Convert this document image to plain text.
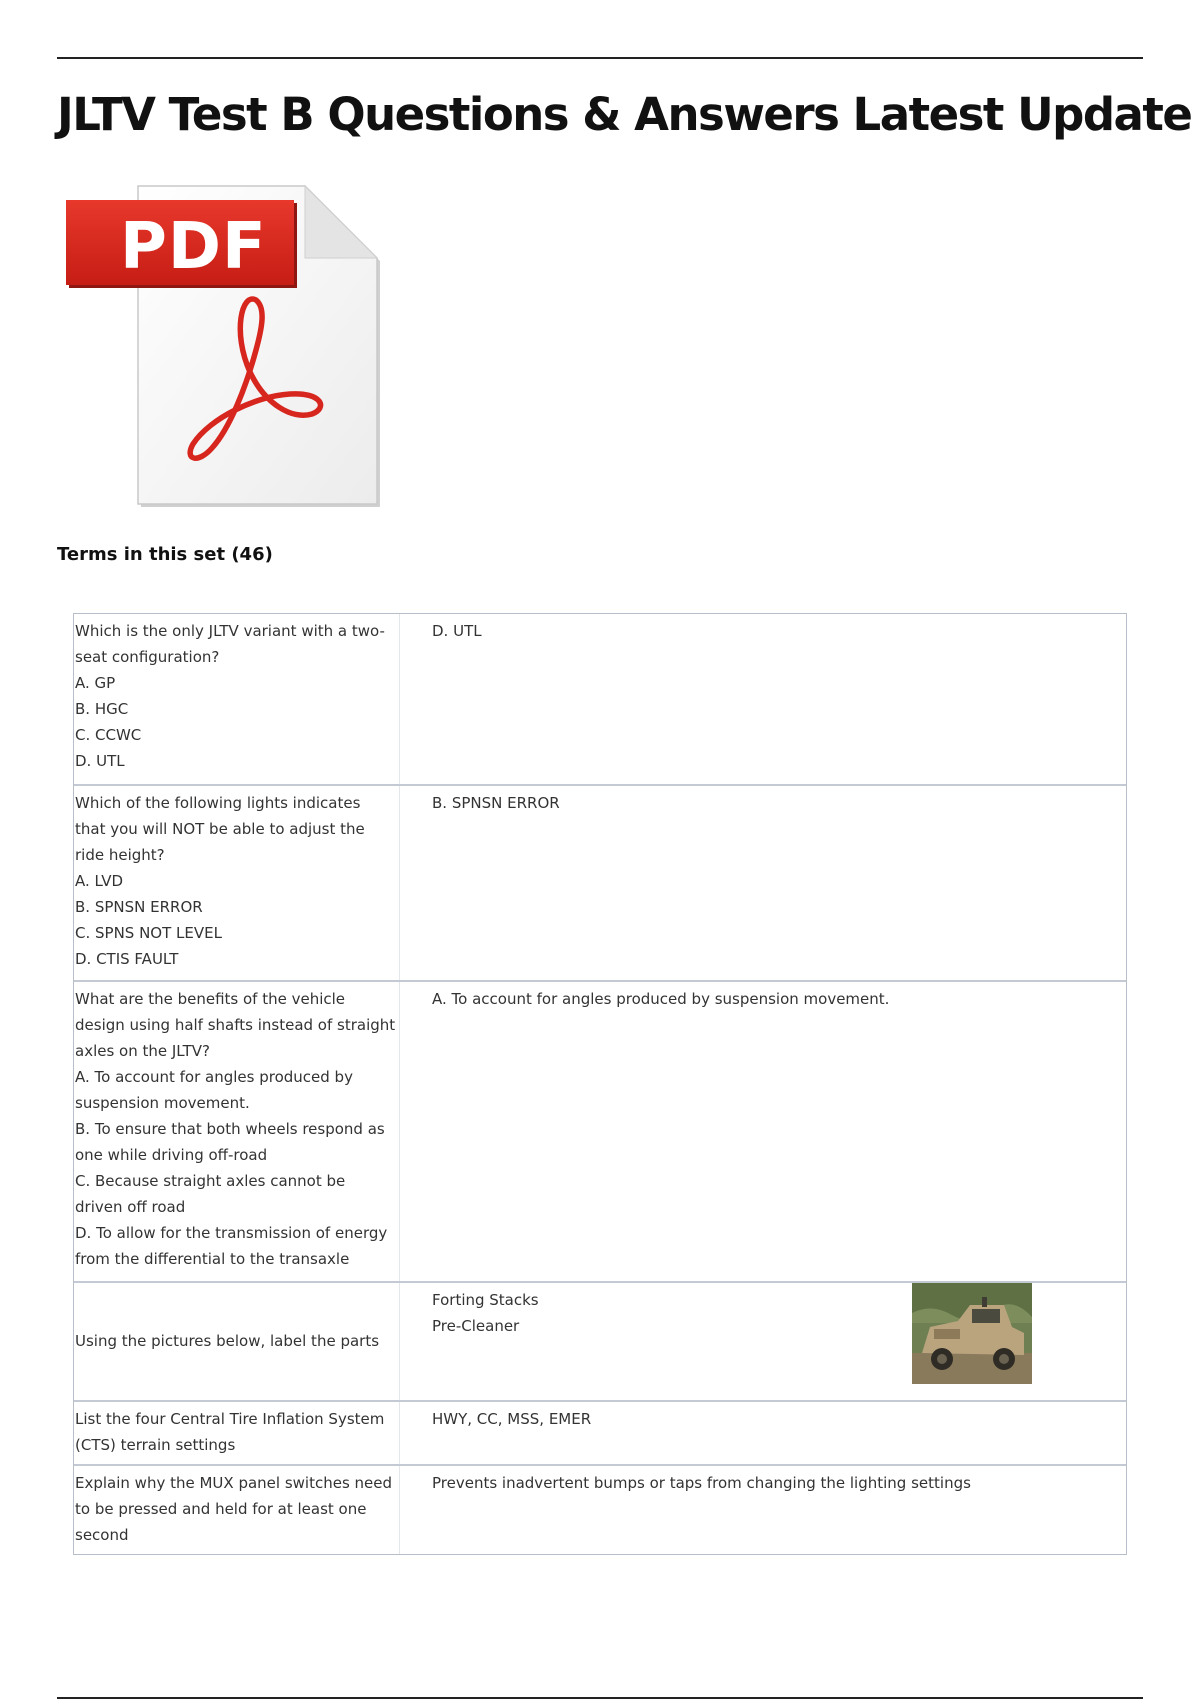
JLTV Test B Questions & Answers Latest Update
PDF
Terms in this set (46)
Which is the only JLTV variant with a two-
seat configuration?
A. GP
B. HGC
C. CCWC
D. UTL
D. UTL
Which of the following lights indicates
that you will NOT be able to adjust the
ride height?
A. LVD
B. SPNSN ERROR
C. SPNS NOT LEVEL
D. CTIS FAULT
B. SPNSN ERROR
What are the benefits of the vehicle
design using half shafts instead of straight
axles on the JLTV?
A. To account for angles produced by
suspension movement.
B. To ensure that both wheels respond as
one while driving off-road
C. Because straight axles cannot be
driven off road
D. To allow for the transmission of energy
from the differential to the transaxle
A. To account for angles produced by suspension movement.
Using the pictures below, label the parts
Forting Stacks
Pre-Cleaner
List the four Central Tire Inflation System
(CTS) terrain settings
HWY, CC, MSS, EMER
Explain why the MUX panel switches need
to be pressed and held for at least one
second
Prevents inadvertent bumps or taps from changing the lighting settings
